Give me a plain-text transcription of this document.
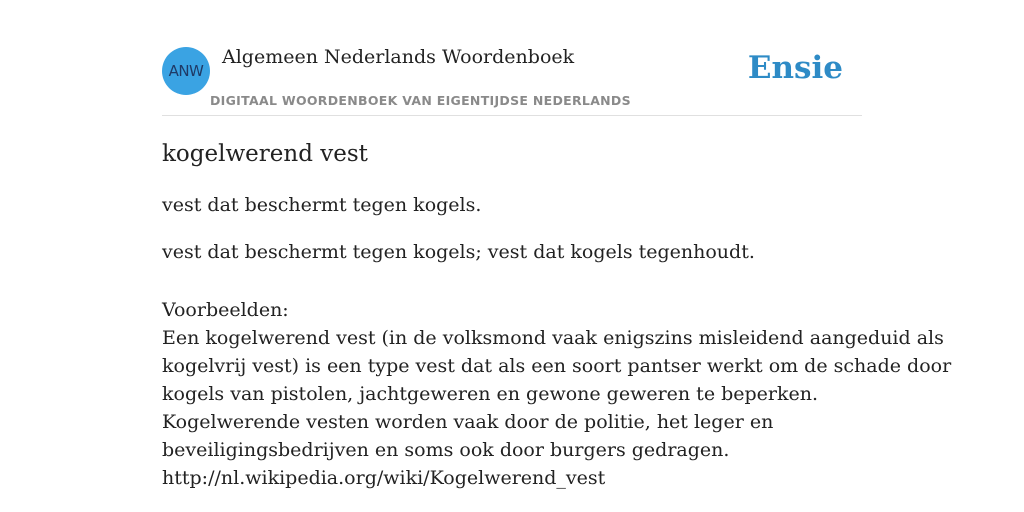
ANW
Algemeen Nederlands Woordenboek
DIGITAAL WOORDENBOEK VAN EIGENTIJDSE NEDERLANDS
Ensie
kogelwerend vest
vest dat beschermt tegen kogels.
vest dat beschermt tegen kogels; vest dat kogels tegenhoudt.
Voorbeelden:
Een kogelwerend vest (in de volksmond vaak enigszins misleidend aangeduid als
kogelvrij vest) is een type vest dat als een soort pantser werkt om de schade door
kogels van pistolen, jachtgeweren en gewone geweren te beperken.
Kogelwerende vesten worden vaak door de politie, het leger en
beveiligingsbedrijven en soms ook door burgers gedragen.
http://nl.wikipedia.org/wiki/Kogelwerend_vest
